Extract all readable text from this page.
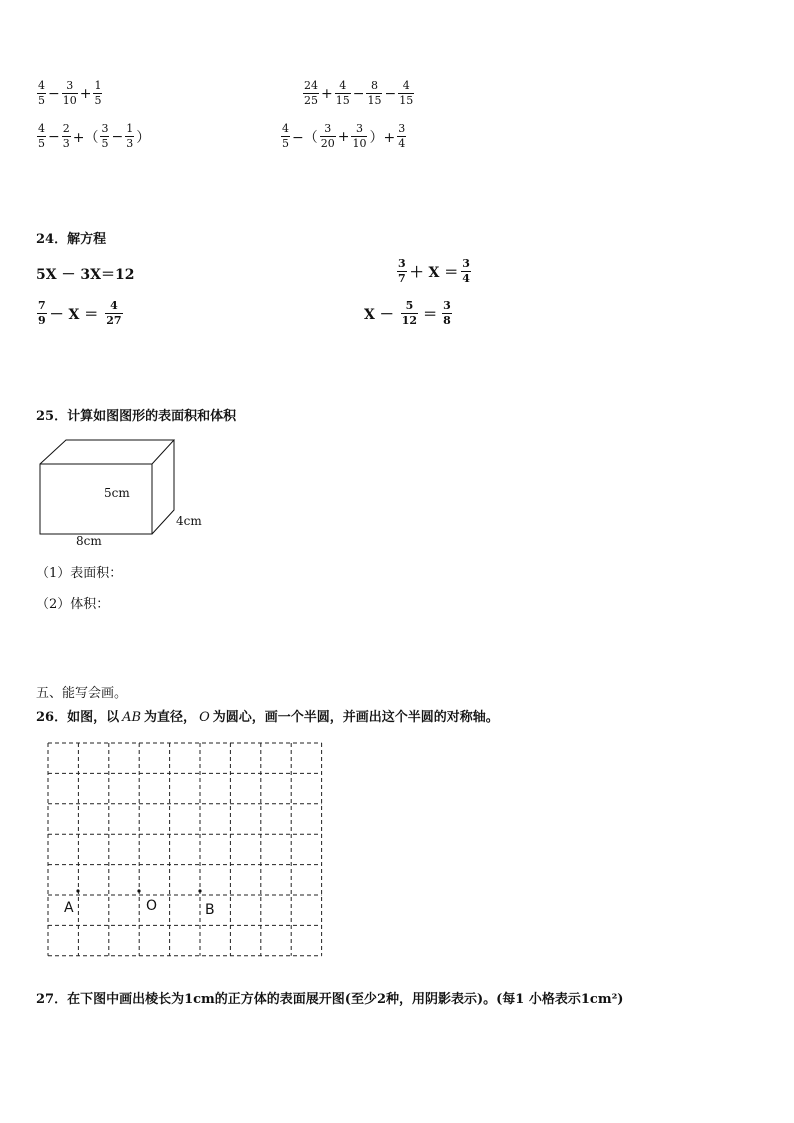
$\frac{4}{5} - \frac{3}{10} + \frac{1}{5}$	$\frac{24}{25} + \frac{4}{15} - \frac{8}{15} - \frac{4}{15}$
$\frac{4}{5} - \frac{2}{3}$ +（ $\frac{3}{5} - \frac{1}{3}$ ）	$\frac{4}{5}$ −（ $\frac{3}{20} + \frac{3}{10}$ ）+ $\frac{3}{4}$
24．解方程
5X － 3X＝12	$\frac{3}{7} + X = \frac{3}{4}$
$\frac{7}{9} - X = \frac{4}{27}$	$X - \frac{5}{12} = \frac{3}{8}$
25．计算如图图形的表面积和体积
5cm
4cm
8cm
（1）表面积：
（2）体积：
五、能写会画。
26．如图，以 AB 为直径， O 为圆心，画一个半圆，并画出这个半圆的对称轴。
A	O	B
27．在下图中画出棱长为1cm的正方体的表面展开图(至少2种，用阴影表示)。(每1 小格表示1cm²)
